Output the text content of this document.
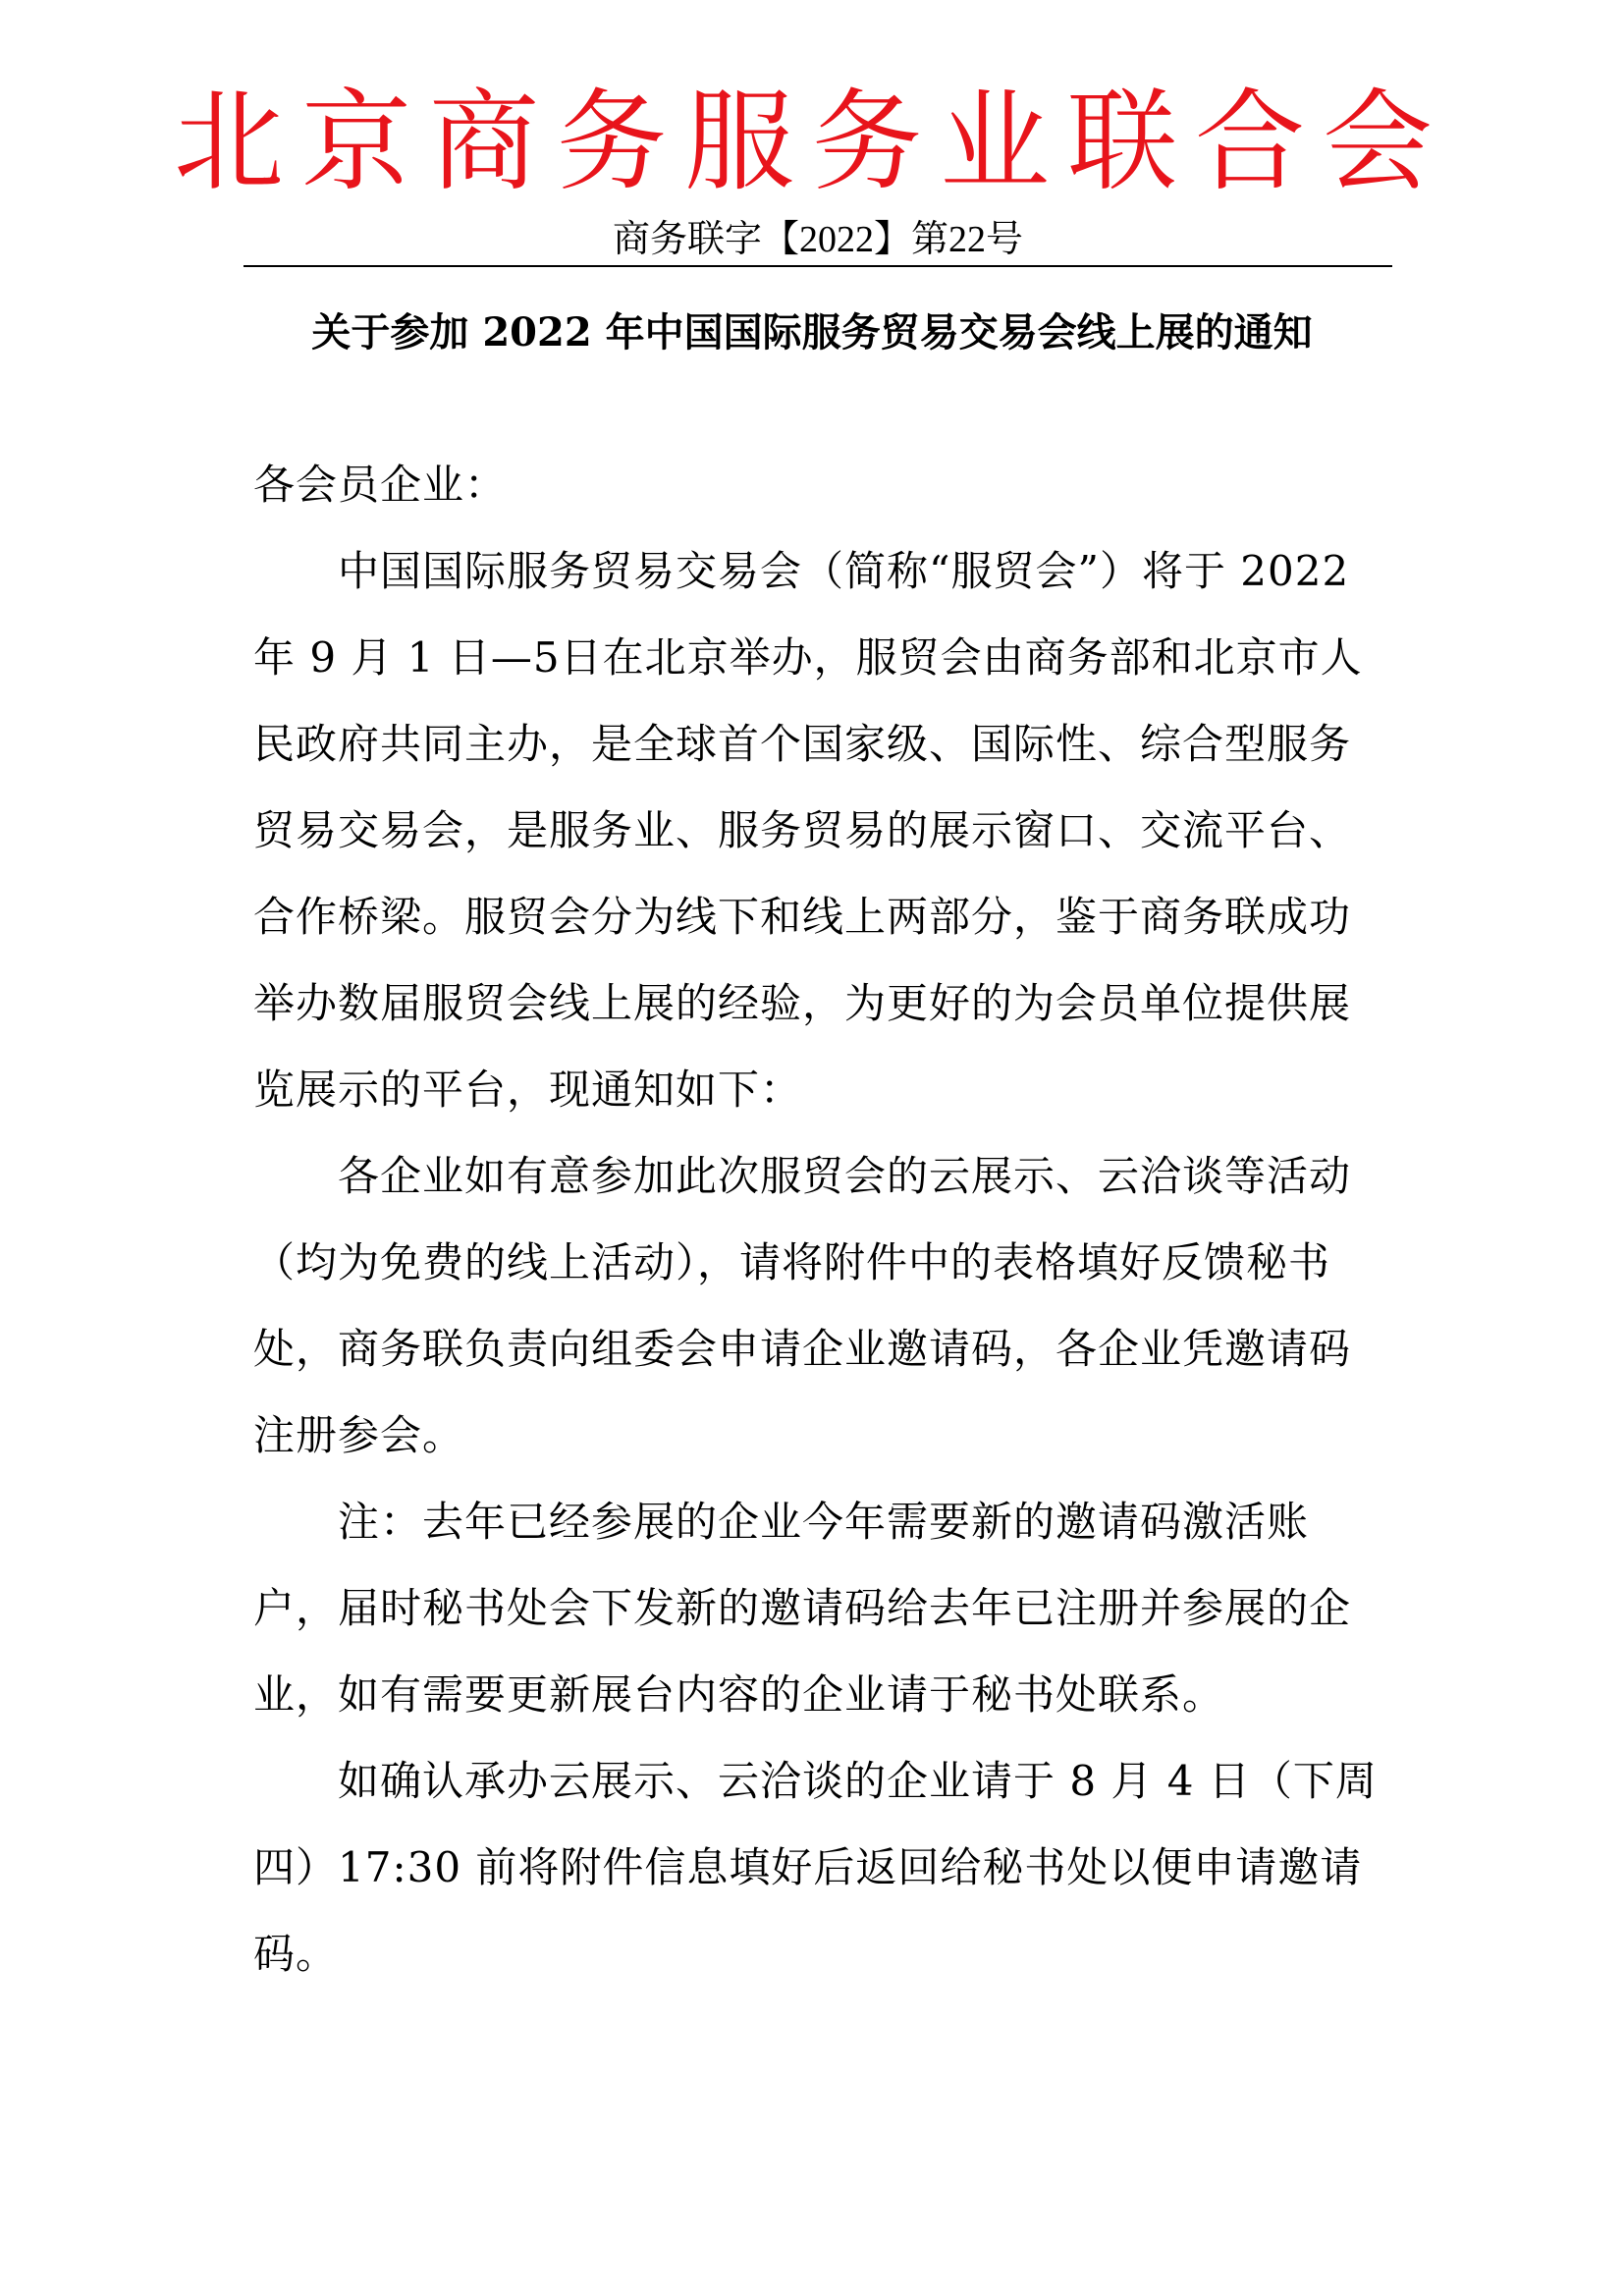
北京商务服务业联合会
商务联字【2022】第22号
关于参加 2022 年中国国际服务贸易交易会线上展的通知

各会员企业：

中国国际服务贸易交易会（简称“服贸会”）将于 2022 年 9 月 1 日—5日在北京举办，服贸会由商务部和北京市人民政府共同主办，是全球首个国家级、国际性、综合型服务贸易交易会，是服务业、服务贸易的展示窗口、交流平台、合作桥梁。服贸会分为线下和线上两部分，鉴于商务联成功举办数届服贸会线上展的经验，为更好的为会员单位提供展览展示的平台，现通知如下：

各企业如有意参加此次服贸会的云展示、云洽谈等活动（均为免费的线上活动），请将附件中的表格填好反馈秘书处，商务联负责向组委会申请企业邀请码，各企业凭邀请码注册参会。

注：去年已经参展的企业今年需要新的邀请码激活账户，届时秘书处会下发新的邀请码给去年已注册并参展的企业，如有需要更新展台内容的企业请于秘书处联系。

如确认承办云展示、云洽谈的企业请于 8 月 4 日（下周四）17:30 前将附件信息填好后返回给秘书处以便申请邀请码。
